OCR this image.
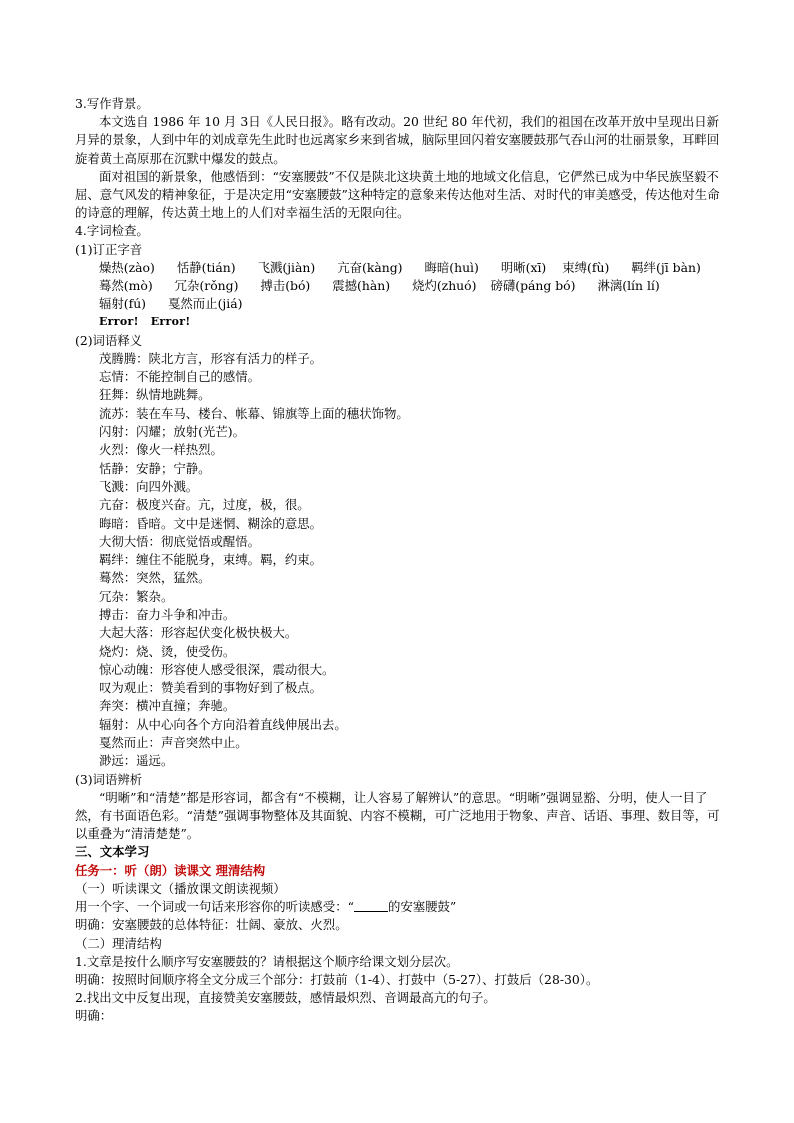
3.写作背景。
本文选自 1986 年 10 月 3日《人民日报》。略有改动。20 世纪 80 年代初，我们的祖国在改革开放中呈现出日新月异的景象，人到中年的刘成章先生此时也远离家乡来到省城，脑际里回闪着安塞腰鼓那气吞山河的壮丽景象，耳畔回旋着黄土高原那在沉默中爆发的鼓点。
面对祖国的新景象，他感悟到：“安塞腰鼓”不仅是陕北这块黄土地的地域文化信息，它俨然已成为中华民族坚毅不屈、意气风发的精神象征，于是决定用“安塞腰鼓”这种特定的意象来传达他对生活、对时代的审美感受，传达他对生命的诗意的理解，传达黄土地上的人们对幸福生活的无限向往。
4.字词检查。
(1)订正字音
燥热(zào) 恬静(tián) 飞溅(jiàn) 亢奋(kàng) 晦暗(huì) 明晰(xī) 束缚(fù) 羁绊(jī bàn)
蓦然(mò) 冗杂(rǒng) 搏击(bó) 震撼(hàn) 烧灼(zhuó) 磅礴(páng bó) 淋漓(lín lí)
辐射(fú) 戛然而止(jiá)
Error! Error!
(2)词语释义
茂腾腾：陕北方言，形容有活力的样子。
忘情：不能控制自己的感情。
狂舞：纵情地跳舞。
流苏：装在车马、楼台、帐幕、锦旗等上面的穗状饰物。
闪射：闪耀；放射(光芒)。
火烈：像火一样热烈。
恬静：安静；宁静。
飞溅：向四外溅。
亢奋：极度兴奋。亢，过度，极，很。
晦暗：昏暗。文中是迷惘、糊涂的意思。
大彻大悟：彻底觉悟或醒悟。
羁绊：缠住不能脱身，束缚。羁，约束。
蓦然：突然，猛然。
冗杂：繁杂。
搏击：奋力斗争和冲击。
大起大落：形容起伏变化极快极大。
烧灼：烧、烫，使受伤。
惊心动魄：形容使人感受很深，震动很大。
叹为观止：赞美看到的事物好到了极点。
奔突：横冲直撞；奔驰。
辐射：从中心向各个方向沿着直线伸展出去。
戛然而止：声音突然中止。
渺远：遥远。
(3)词语辨析
“明晰”和“清楚”都是形容词，都含有“不模糊，让人容易了解辨认”的意思。“明晰”强调显豁、分明，使人一目了然，有书面语色彩。“清楚”强调事物整体及其面貌、内容不模糊，可广泛地用于物象、声音、话语、事理、数目等，可以重叠为“清清楚楚”。
三、文本学习
任务一：听（朗）读课文 理清结构
（一）听读课文（播放课文朗读视频）
用一个字、一个词或一句话来形容你的听读感受：“	的安塞腰鼓”
明确：安塞腰鼓的总体特征：壮阔、豪放、火烈。
（二）理清结构
1.文章是按什么顺序写安塞腰鼓的？请根据这个顺序给课文划分层次。
明确：按照时间顺序将全文分成三个部分：打鼓前（1-4）、打鼓中（5-27）、打鼓后（28-30）。
2.找出文中反复出现，直接赞美安塞腰鼓，感情最炽烈、音调最高亢的句子。
明确：
